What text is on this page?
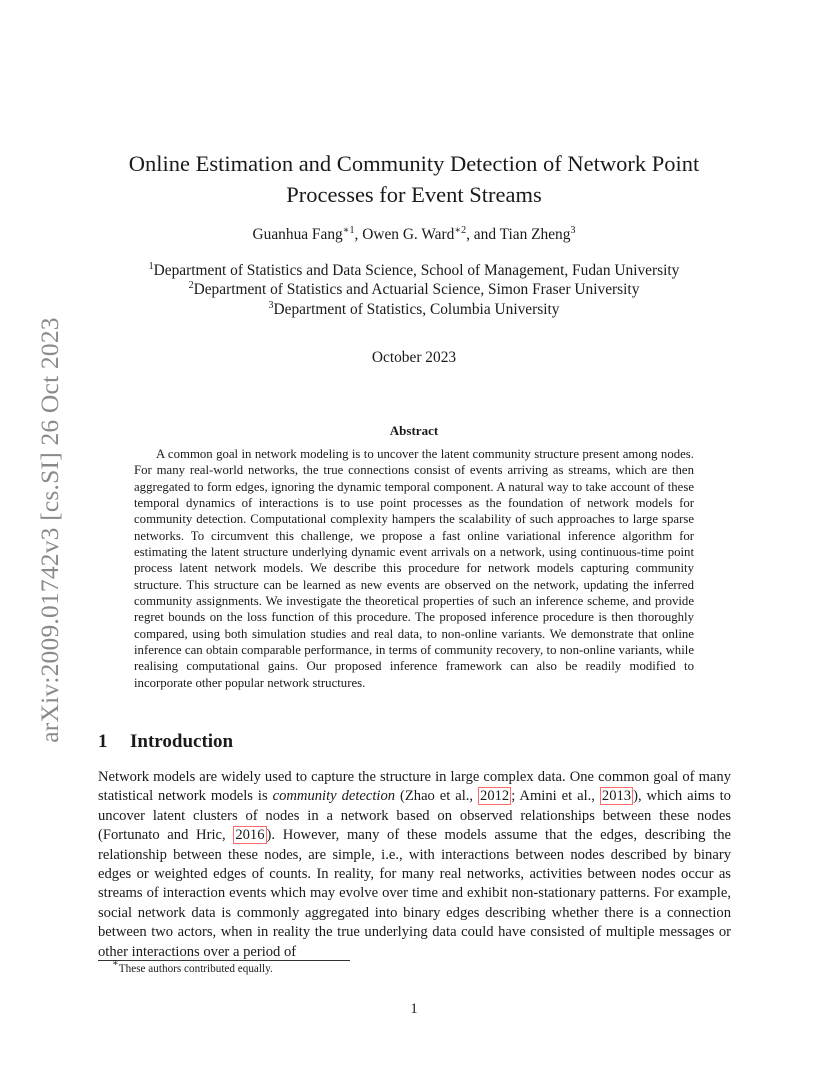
arXiv:2009.01742v3 [cs.SI] 26 Oct 2023
Online Estimation and Community Detection of Network Point
Processes for Event Streams
Guanhua Fang$^{∗1}$, Owen G. Ward$^{∗2}$, and Tian Zheng$^3$
$^1$Department of Statistics and Data Science, School of Management, Fudan University
$^2$Department of Statistics and Actuarial Science, Simon Fraser University
$^3$Department of Statistics, Columbia University
October 2023
Abstract

A common goal in network modeling is to uncover the latent community structure present among nodes. For many real-world networks, the true connections consist of events arriving as streams, which are then aggregated to form edges, ignoring the dynamic temporal component. A natural way to take account of these temporal dynamics of interactions is to use point processes as the foundation of network models for community detection. Computational complexity hampers the scalability of such approaches to large sparse networks. To circumvent this challenge, we propose a fast online variational inference algorithm for estimating the latent structure underlying dynamic event arrivals on a network, using continuous-time point process latent network models. We describe this procedure for network models capturing community structure. This structure can be learned as new events are observed on the network, updating the inferred community assignments. We investigate the theoretical properties of such an inference scheme, and provide regret bounds on the loss function of this procedure. The proposed inference procedure is then thoroughly compared, using both simulation studies and real data, to non-online variants. We demonstrate that online inference can obtain comparable performance, in terms of community recovery, to non-online variants, while realising computational gains. Our proposed inference framework can also be readily modified to incorporate other popular network structures.

1 Introduction

Network models are widely used to capture the structure in large complex data. One common goal of many statistical network models is community detection (Zhao et al., 2012 ; Amini et al., 2013 ), which aims to uncover latent clusters of nodes in a network based on observed relationships between these nodes (Fortunato and Hric, 2016 ). However, many of these models assume that the edges, describing the relationship between these nodes, are simple, i.e., with interactions between nodes described by binary edges or weighted edges of counts. In reality, for many real networks, activities between nodes occur as streams of interaction events which may evolve over time and exhibit non-stationary patterns. For example, social network data is commonly aggregated into binary edges describing whether there is a connection between two actors, when in reality the true underlying data could have consisted of multiple messages or other interactions over a period of

∗These authors contributed equally.
1
